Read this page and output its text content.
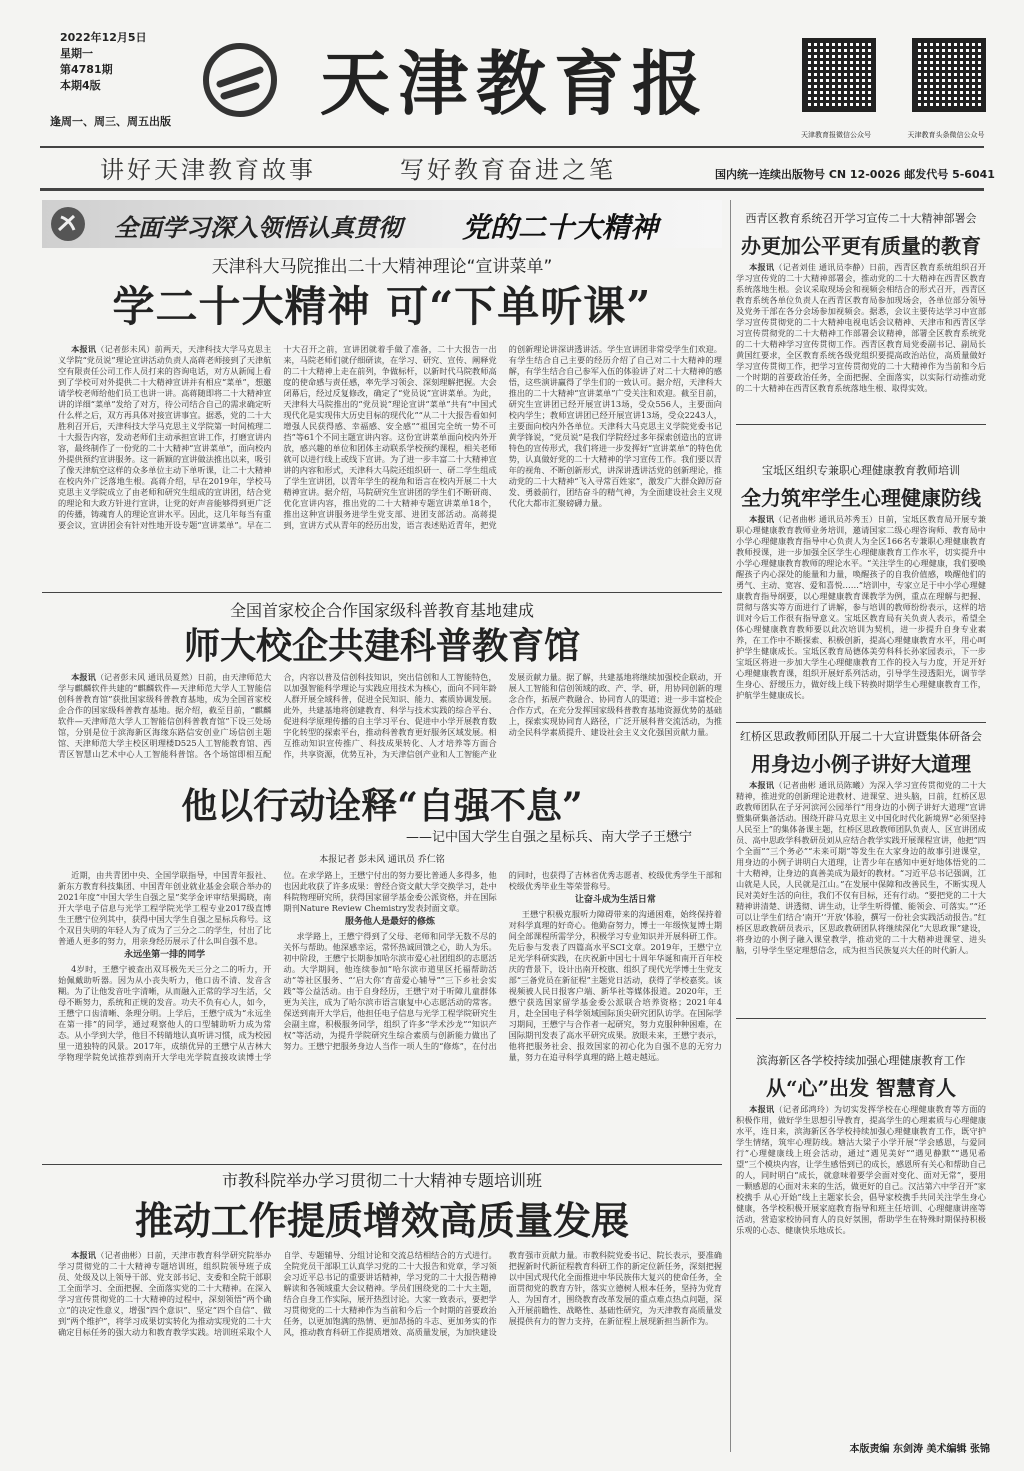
2022年12月5日
星期一
第4781期
本期4版
逢周一、周三、周五出版 天津教育报
天津教育报微信公众号	天津教育头条微信公众号
讲好天津教育故事	写好教育奋进之笔	国内统一连续出版物号 CN 12-0026 邮发代号 5-6041
全面学习深入领悟认真贯彻 党的二十大精神
天津科大马院推出二十大精神理论“宣讲菜单”
学二十大精神 可“下单听课”

本报讯（记者彭未风）前两天，天津科技大学马克思主义学院“党员说”理论宣讲活动负责人高蒋老师接到了天津航空有限责任公司工作人员打来的咨询电话，对方从新闻上看到了学校可对外提供二十大精神宣讲并有相应“菜单”，想邀请学校老师给他们员工也讲一讲。高蒋随即将二十大精神宣讲的详细“菜单”发给了对方，待公司结合自己的需求确定听什么样之后，双方再具体对接宣讲事宜。据悉，党的二十大胜利召开后，天津科技大学马克思主义学院第一时间梳理二十大报告内容，发动老师们主动承担宣讲工作，打磨宣讲内容，最终制作了一份党的二十大精神“宣讲菜单”，面向校内外提供预约宣讲服务。这一新颖的宣讲做法推出以来，吸引了像天津航空这样的众多单位主动下单听课，让二十大精神在校内外广泛落地生根。高蒋介绍，早在2019年，学校马克思主义学院成立了由老师和研究生组成的宣讲团，结合党的理论和大政方针进行宣讲，让党的好声音能够得到更广泛的传播，铸魂育人的理论宣讲水平。因此，这几年每当有重要会议，宣讲团会有针对性地开设专题“宣讲菜单”。早在二十大召开之前，宣讲团就着手做了准备，二十大报告一出来，马院老师们就仔细研读，在学习、研究、宣传、阐释党的二十大精神上走在前列，争做标杆，以新时代马院教师高度的使命感与责任感，率先学习领会、深刻理解把握。大会闭幕后，经过反复修改，确定了“党员说”宣讲菜单。为此，天津科大马院推出的“党员说”理论宣讲“菜单”共有“中国式现代化是实现伟大历史目标的现代化”“从二十大报告看如何增强人民获得感、幸福感、安全感”“祖国完全统一势不可挡”等61个不同主题宣讲内容。这份宣讲菜单面向校内外开放，感兴趣的单位和团体主动联系学校预约课程，相关老师就可以进行线上或线下宣讲。为了进一步丰富二十大精神宣讲的内容和形式，天津科大马院还组织研一、研二学生组成了学生宣讲团，以青年学生的视角和语言在校内开展二十大精神宣讲。据介绍，马院研究生宣讲团的学生们不断研商、优化宣讲内容，推出党的二十大精神专题宣讲菜单18个，推出这种宣讲服务进学生党支部、进团支部活动。高蒋提到，宣讲方式从青年的经历出发，语言表述贴近青年，把党的创新理论讲深讲透讲活。学生宣讲团非常受学生们欢迎。有学生结合自己主要的经历介绍了自己对二十大精神的理解，有学生结合自己参军入伍的体验讲了对二十大精神的感悟，这些演讲赢得了学生们的一致认可。据介绍，天津科大推出的二十大精神“宣讲菜单”广受关注和欢迎。截至目前，研究生宣讲团已经开展宣讲13场，受众556人，主要面向校内学生；教师宣讲团已经开展宣讲13场，受众2243人，主要面向校内外各单位。天津科大马克思主义学院党委书记黄学锋说，“党员说”是我们学院经过多年探索创造出的宣讲特色的宣传形式，我们将进一步发挥好“宣讲菜单”的特色优势，认真做好党的二十大精神的学习宣传工作。我们要以青年的视角、不断创新形式，讲深讲透讲活党的创新理论，推动党的二十大精神“飞入寻常百姓家”，激发广大群众踔厉奋发、勇毅前行，团结奋斗的精气神，为全面建设社会主义现代化大都市汇聚磅礴力量。

全国首家校企合作国家级科普教育基地建成
师大校企共建科普教育馆

本报讯（记者彭未风 通讯员夏然）日前，由天津师范大学与麒麟软件共建的“麒麟软件—天津师范大学人工智能信创科普教育馆”获批国家级科普教育基地，成为全国首家校企合作的国家级科普教育基地。据介绍，截至目前，“麒麟软件—天津师范大学人工智能信创科普教育馆”下设三处场馆，分别是位于滨海新区海缘东路信安创业广场信创主题馆、天津师范大学主校区明理楼D525人工智能教育馆、西青区智慧山艺术中心人工智能科普馆。各个场馆即相互配合，内容以普及信创科技知识，突出信创和人工智能特色，以加强智能科学理论与实践应用技术为核心，面向不同年龄人群开展全域科普，促进全民知识、能力、素质协调发展。此外，共建基地将创建教育、科学与技术实践的综合平台、促进科学原理传播的自主学习平台、促进中小学开展教育数字化转型的探索平台，推动科普教育更好服务区域发展。相互推动知识宣传推广、科技成果转化、人才培养等方面合作，共享资源，优势互补，为天津信创产业和人工智能产业发展贡献力量。据了解，共建基地将继续加强校企联动，开展人工智能和信创领域的政、产、学、研，用协同创新的理念合作，拓展产教融合、协同育人的渠道；进一步丰富校企合作方式，在充分发挥国家级科普教育基地资源优势的基础上，探索实现协同育人路径，广泛开展科普交流活动，为推动全民科学素质提升、建设社会主义文化强国贡献力量。

他以行动诠释“自强不息”
——记中国大学生自强之星标兵、南大学子王懋宁
本报记者 彭未风 通讯员 乔仁铭

近期，由共青团中央、全国学联指导，中国青年报社、新东方教育科技集团、中国青年创业就业基金会联合举办的2021年度“中国大学生自强之星”奖学金评审结果揭晓，南开大学电子信息与光学工程学院光学工程专业2017级直博生王懋宁位列其中，获得中国大学生自强之星标兵称号。这个双目失明的年轻人为了成为了三分之二的学生，付出了比普通人更多的努力，用亲身经历展示了什么叫自强不息。

永远坐第一排的同学

4岁时，王懋宁被查出双耳极先天三分之二的听力，开始佩戴助听器。因为从小丧失听力，他口齿不清、发音含糊。为了让他发音吐字清晰，从而融入正常的学习生活，父母不断努力，系统和正规的发音。功夫不负有心人，如今，王懋宁口齿清晰、条理分明。上学后，王懋宁成为“永远坐在第一排”的同学，通过观察他人的口型辅助听力成为常态。从小学到大学，他目不转睛地认真听讲习惯，成为校园里一道独特的风景。2017年，成绩优异的王懋宁从吉林大学物理学院免试推荐到南开大学电光学院直接攻读博士学位。在求学路上，王懋宁付出的努力要比普通人多得多，他也因此收获了许多成果：曾经合资文献大学交换学习，赴中科院物理研究所，获得国家留学基金委公派资格，并在国际期刊Nature Review Chemistry发表封面文章。

服务他人是最好的修炼

求学路上，王懋宁得到了父母、老师和同学无数不尽的关怀与帮助。他深感幸运，常怀热诚回馈之心，助人为乐。初中阶段，王懋宁长期参加哈尔滨市爱心社团组织的志愿活动。大学期间，他连续参加“哈尔滨市道里区托福帮助活动”等社区服务、“‘启大你’育苗爱心辅导”“三下乡社会实践”等公益活动。由于自身经历，王懋宁对于听障儿童群体更为关注，成为了哈尔滨市语言康复中心志愿活动的常客。保送到南开大学后，他担任电子信息与光学工程学院研究生会副主席，积极服务同学，组织了许多“学术沙龙”“知识产权”等活动，为提升学院研究生综合素质与创新能力做出了努力。王懋宁把服务身边人当作一项人生的“修炼”，在付出的同时，也获得了吉林省优秀志愿者、校级优秀学生干部和校级优秀毕业生等荣誉称号。

让奋斗成为生活日常

王懋宁积极克服听力障碍带来的沟通困难，始终保持着对科学真理的好奇心。他勤奋努力，博士一年级恢复博士期间全部课程所需学分，积极学习专业知识并开展科研工作。先后参与发表了四篇高水平SCI文章。2019年，王懋宁立足光学科研实践，在庆祝新中国七十周年华诞和南开百年校庆的背景下，设计出南开校旗、组织了现代光学博士生党支部“三备党员在新征程”主题党日活动，获得了学校嘉奖。该视频被人民日报客户端、新华社等媒体报道。2020年，王懋宁获选国家留学基金委公派联合培养资格；2021年4月，赴全国电子科学领域国际顶尖研究团队访学。在国际学习期间，王懋宁与合作者一起研究，努力克服种种困难，在国际期刊发表了高水平研究成果。放眼未来，王懋宁表示，他将把服务社会、报效国家的初心化为自强不息的无穷力量，努力在追寻科学真理的路上越走越远。

市教科院举办学习贯彻二十大精神专题培训班
推动工作提质增效高质量发展

本报讯（记者曲彬）日前，天津市教育科学研究院举办学习贯彻党的二十大精神专题培训班，组织院领导班子成员、处级及以上领导干部、党支部书记、支委和全院干部职工全面学习、全面把握、全面落实党的二十大精神。在深入学习宣传贯彻党的二十大精神的过程中，深刻领悟“两个确立”的决定性意义，增强“四个意识”、坚定“四个自信”、做到“两个维护”，将学习成果切实转化为推动实现党的二十大确定目标任务的强大动力和教育教学实践。培训班采取个人自学、专题辅导、分组讨论和交流总结相结合的方式进行。全院党员干部职工认真学习党的二十大报告和党章，学习领会习近平总书记的重要讲话精神，学习党的二十大报告精神解读和各领域重大会议精神。学员们围绕党的二十大主题，结合自身工作实际，展开热烈讨论。大家一致表示，要把学习贯彻党的二十大精神作为当前和今后一个时期的首要政治任务，以更加饱满的热情、更加昂扬的斗志、更加务实的作风，推动教育科研工作提质增效、高质量发展，为加快建设教育强市贡献力量。市教科院党委书记、院长表示，要准确把握新时代新征程教育科研工作的新定位新任务，深刻把握以中国式现代化全面推进中华民族伟大复兴的使命任务，全面贯彻党的教育方针，落实立德树人根本任务，坚持为党育人、为国育才，围绕教育改革发展的重点难点热点问题，深入开展前瞻性、战略性、基础性研究，为天津教育高质量发展提供有力的智力支持，在新征程上展现新担当新作为。

西青区教育系统召开学习宣传二十大精神部署会
办更加公平更有质量的教育

本报讯（记者刘佳 通讯员李静）日前，西青区教育系统组织召开学习宣传党的二十大精神部署会，推动党的二十大精神在西青区教育系统落地生根。会议采取现场会和视频会相结合的形式召开，西青区教育系统各单位负责人在西青区教育局参加现场会，各单位部分领导及党务干部在各分会场参加视频会。据悉，会议主要传达学习中宣部学习宣传贯彻党的二十大精神电视电话会议精神、天津市和西青区学习宣传贯彻党的二十大精神工作部署会议精神，部署全区教育系统党的二十大精神学习宣传贯彻工作。西青区教育局党委副书记、副局长黄国红要求，全区教育系统各级党组织要提高政治站位，高质量做好学习宣传贯彻工作，把学习宣传贯彻党的二十大精神作为当前和今后一个时期的首要政治任务，全面把握、全面落实，以实际行动推动党的二十大精神在西青区教育系统落地生根、取得实效。

宝坻区组织专兼职心理健康教育教师培训
全力筑牢学生心理健康防线

本报讯（记者曲彬 通讯员苏秀玉）日前，宝坻区教育局开展专兼职心理健康教育教师业务培训，邀请国家二级心理咨询师、教育局中小学心理健康教育指导中心负责人为全区166名专兼职心理健康教育教师授课，进一步加强全区学生心理健康教育工作水平，切实提升中小学心理健康教育教师的理论水平。“关注学生的心理健康，我们要唤醒孩子内心深处的能量和力量，唤醒孩子的自我价值感，唤醒他们的勇气、主动、宽容、爱和喜悦……”培训中，专家立足于中小学心理健康教育指导纲要，以心理健康教育课教学为例，重点在理解与把握、贯彻与落实等方面进行了讲解，参与培训的教师纷纷表示，这样的培训对今后工作很有指导意义。宝坻区教育局有关负责人表示，希望全体心理健康教育教师要以此次培训为契机，进一步提升自身专业素养，在工作中不断探索、积极创新，提高心理健康教育水平，用心呵护学生健康成长。宝坻区教育局德体美劳科科长孙家园表示，下一步宝坻区将进一步加大学生心理健康教育工作的投入与力度，开足开好心理健康教育课，组织开展好系列活动，引导学生浸透阳光，调节学生身心、舒缓压力，做好线上线下转换时期学生心理健康教育工作，护航学生健康成长。

红桥区思政教师团队开展二十大宣讲暨集体研备会
用身边小例子讲好大道理

本报讯（记者曲彬 通讯员陈曦）为深入学习宣传贯彻党的二十大精神，推进党的创新理论进教材、进课堂、进头脑，日前，红桥区思政教师团队在子牙河滨河公园举行“用身边的小例子讲好大道理”宣讲暨集研集备活动。围绕开辟马克思主义中国化时代化新境界“必须坚持人民至上”的集体备课主题，红桥区思政教师团队负责人、区宣讲团成员、高中思政学科教研员刘从应结合教学实践开展课程宣讲，他把“四个全面”“三个务必”“未来可期”等发生在大家身边的故事引进课堂，用身边的小例子讲明白大道理，让青少年在感知中更好地体悟党的二十大精神，让身边的真善美成为最好的教材。“习近平总书记强调，江山就是人民，人民就是江山。”在发展中保障和改善民生，不断实现人民对美好生活的向往，我们不仅有目标，还有行动。“要把党的二十大精神讲清楚、讲透彻、讲生动，让学生听得懂、能领会、可落实。”“还可以让学生们结合‘南开’‘开放’体验，撰写一份社会实践活动报告。”红桥区思政教研员表示，区思政教研团队将继续深化“大思政课”建设，将身边的小例子融入课堂教学，推动党的二十大精神进课堂、进头脑，引导学生坚定理想信念，成为担当民族复兴大任的时代新人。

滨海新区各学校持续加强心理健康教育工作
从“心”出发 智慧育人

本报讯（记者邱鸿玲）为切实发挥学校在心理健康教育等方面的积极作用，做好学生思想引导教育，提高学生的心理素质与心理健康水平，连日来，滨海新区各学校持续加强心理健康教育工作，既守护学生情绪，筑牢心理防线。塘沽大梁子小学开展“学会感恩，与爱同行”心理健康线上班会活动，通过“遇见美好”“遇见静默”“遇见希望”三个模块内容，让学生感悟到已的成长，感恩所有关心和帮助自己的人，同时明白“成长，就意味着要学会面对变化、面对无常”，要用一颗感恩的心面对未来的生活，做更好的自己。汉沽第六中学召开“家校携手 从心开始”线上主题家长会，倡导家校携手共同关注学生身心健康，各学校积极开展家庭教育指导和班主任培训、心理健康讲座等活动，营造家校协同育人的良好氛围，帮助学生在特殊时期保持积极乐观的心态、健康快乐地成长。

本版责编 东剑涛 美术编辑 张锦
